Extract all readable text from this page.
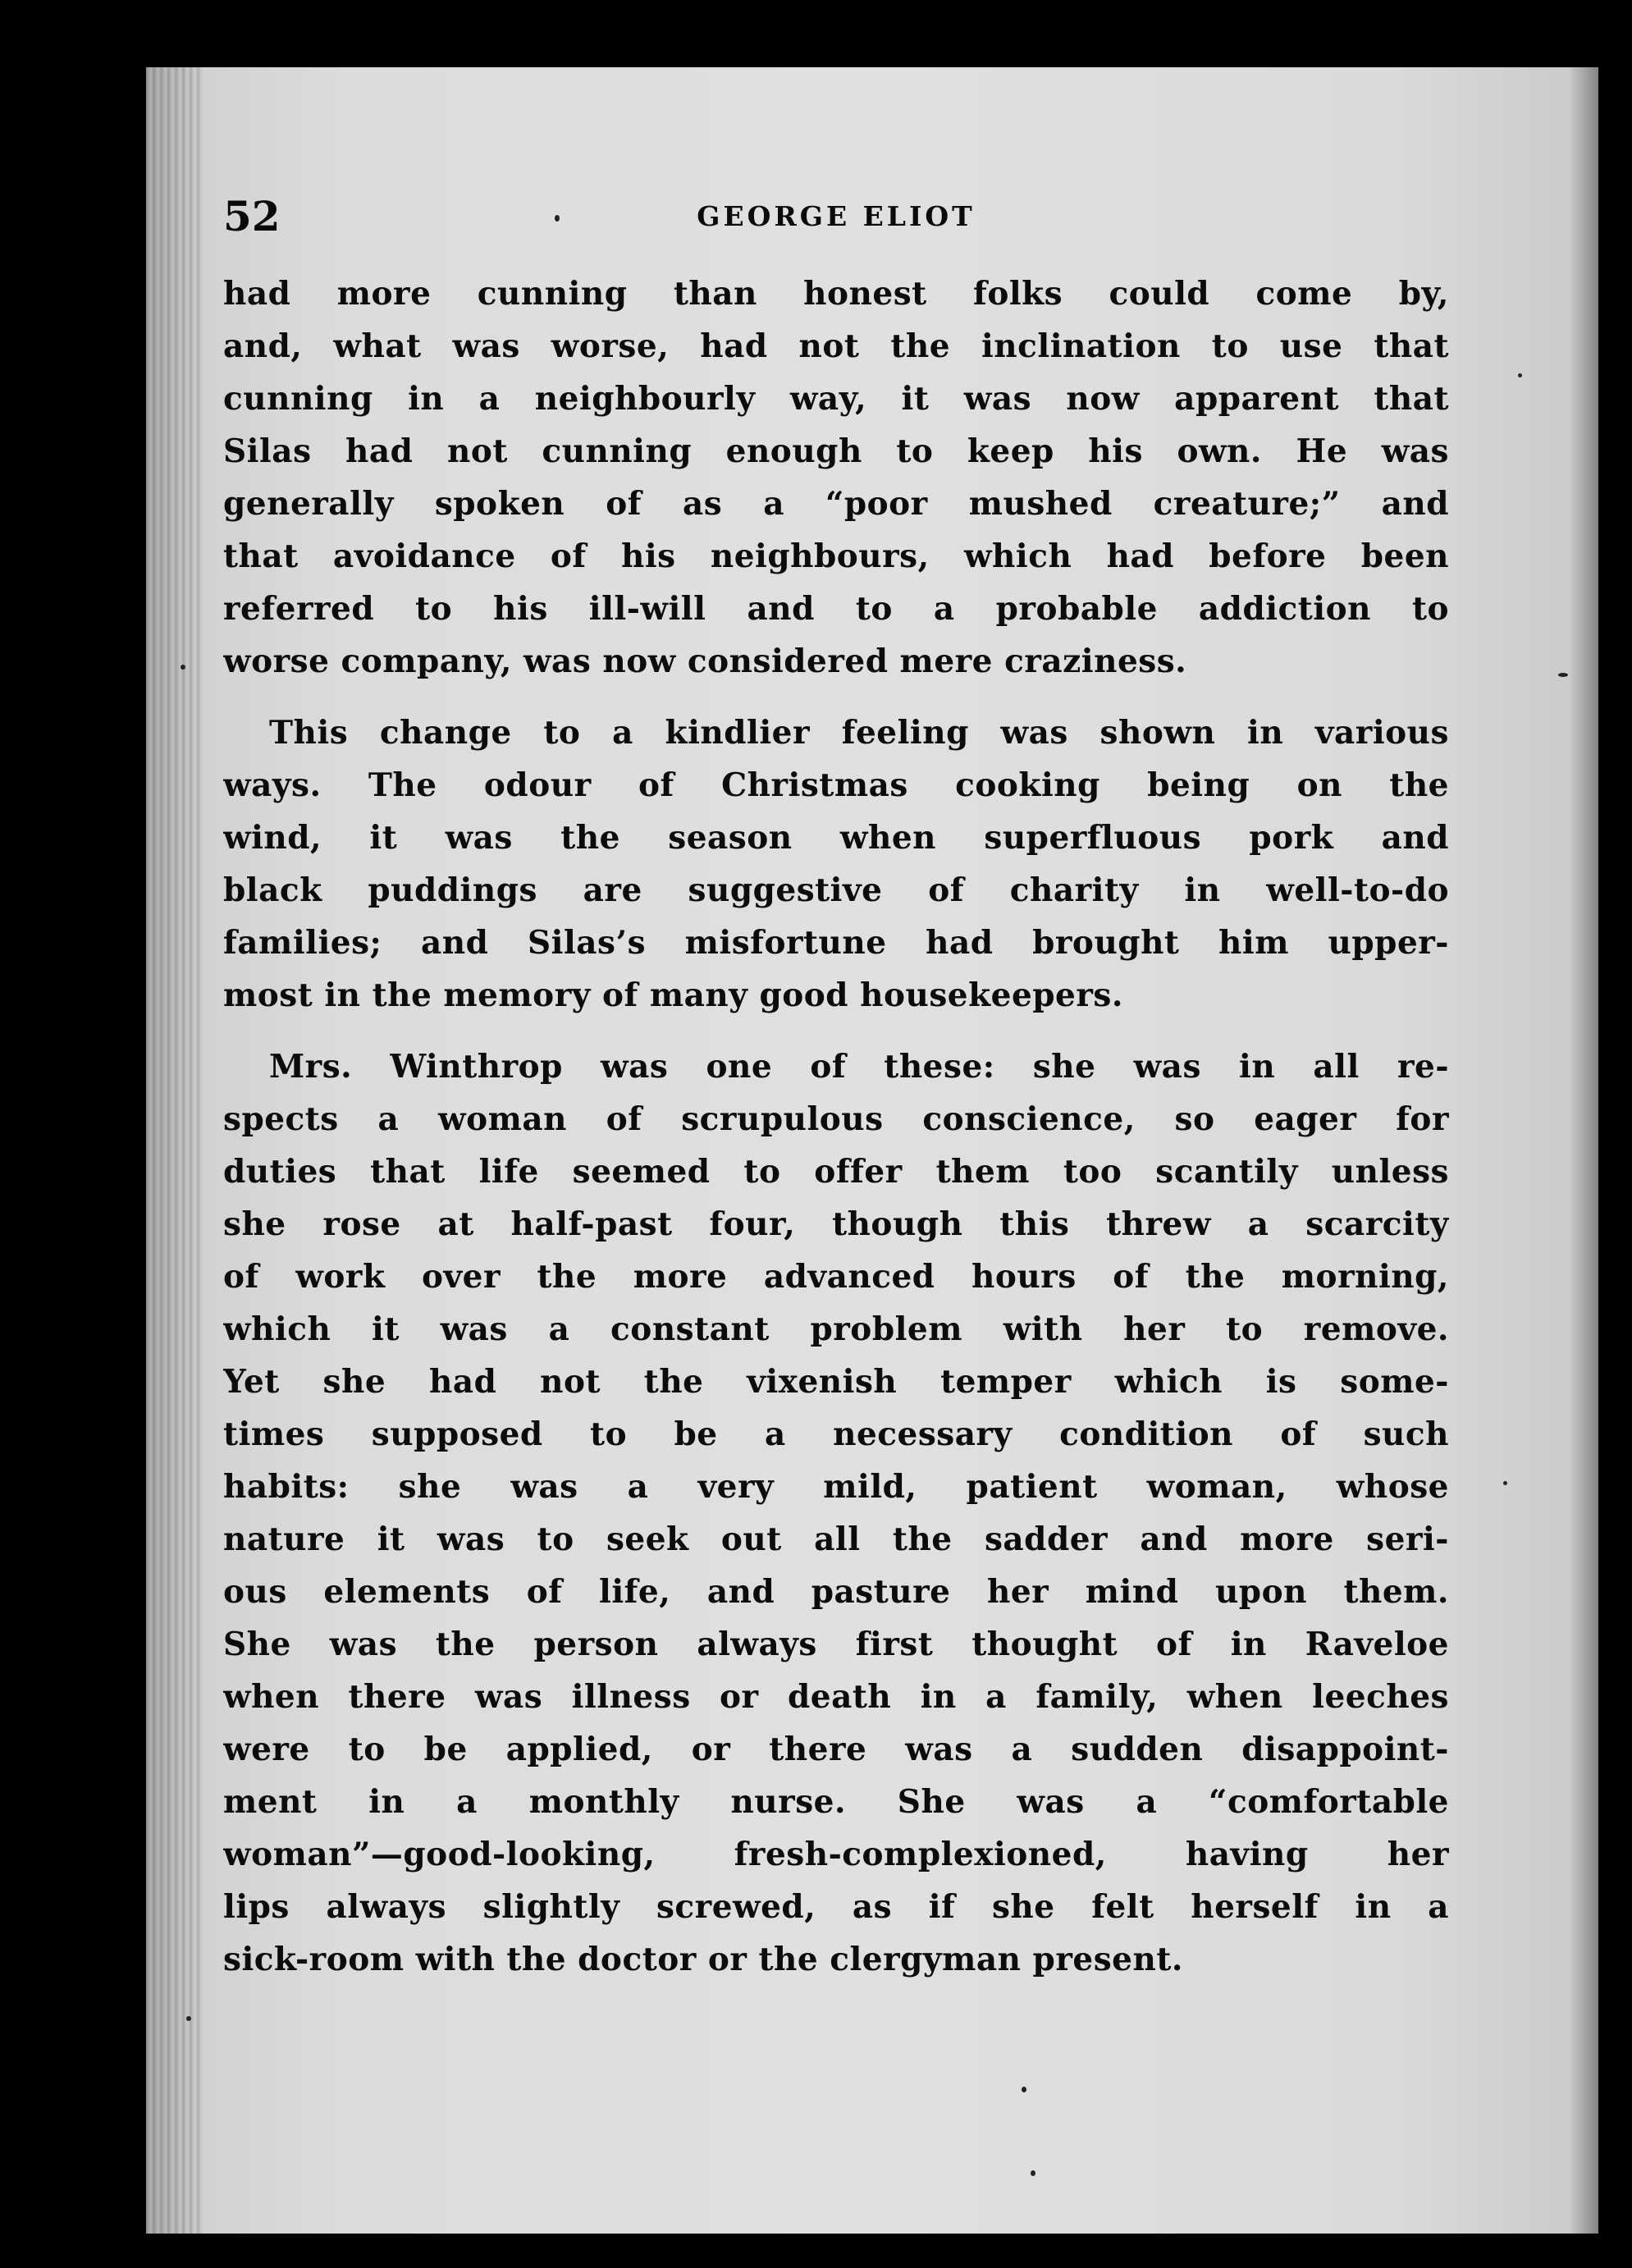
52	GEORGE ELIOT
had more cunning than honest folks could come by,
and, what was worse, had not the inclination to use that
cunning in a neighbourly way, it was now apparent that
Silas had not cunning enough to keep his own. He was
generally spoken of as a “poor mushed creature;” and
that avoidance of his neighbours, which had before been
referred to his ill-will and to a probable addiction to
worse company, was now considered mere craziness.
This change to a kindlier feeling was shown in various
ways. The odour of Christmas cooking being on the
wind, it was the season when superfluous pork and
black puddings are suggestive of charity in well-to-do
families; and Silas’s misfortune had brought him upper-
most in the memory of many good housekeepers.
Mrs. Winthrop was one of these: she was in all re-
spects a woman of scrupulous conscience, so eager for
duties that life seemed to offer them too scantily unless
she rose at half-past four, though this threw a scarcity
of work over the more advanced hours of the morning,
which it was a constant problem with her to remove.
Yet she had not the vixenish temper which is some-
times supposed to be a necessary condition of such
habits: she was a very mild, patient woman, whose
nature it was to seek out all the sadder and more seri-
ous elements of life, and pasture her mind upon them.
She was the person always first thought of in Raveloe
when there was illness or death in a family, when leeches
were to be applied, or there was a sudden disappoint-
ment in a monthly nurse. She was a “comfortable
woman”—good-looking, fresh-complexioned, having her
lips always slightly screwed, as if she felt herself in a
sick-room with the doctor or the clergyman present.
